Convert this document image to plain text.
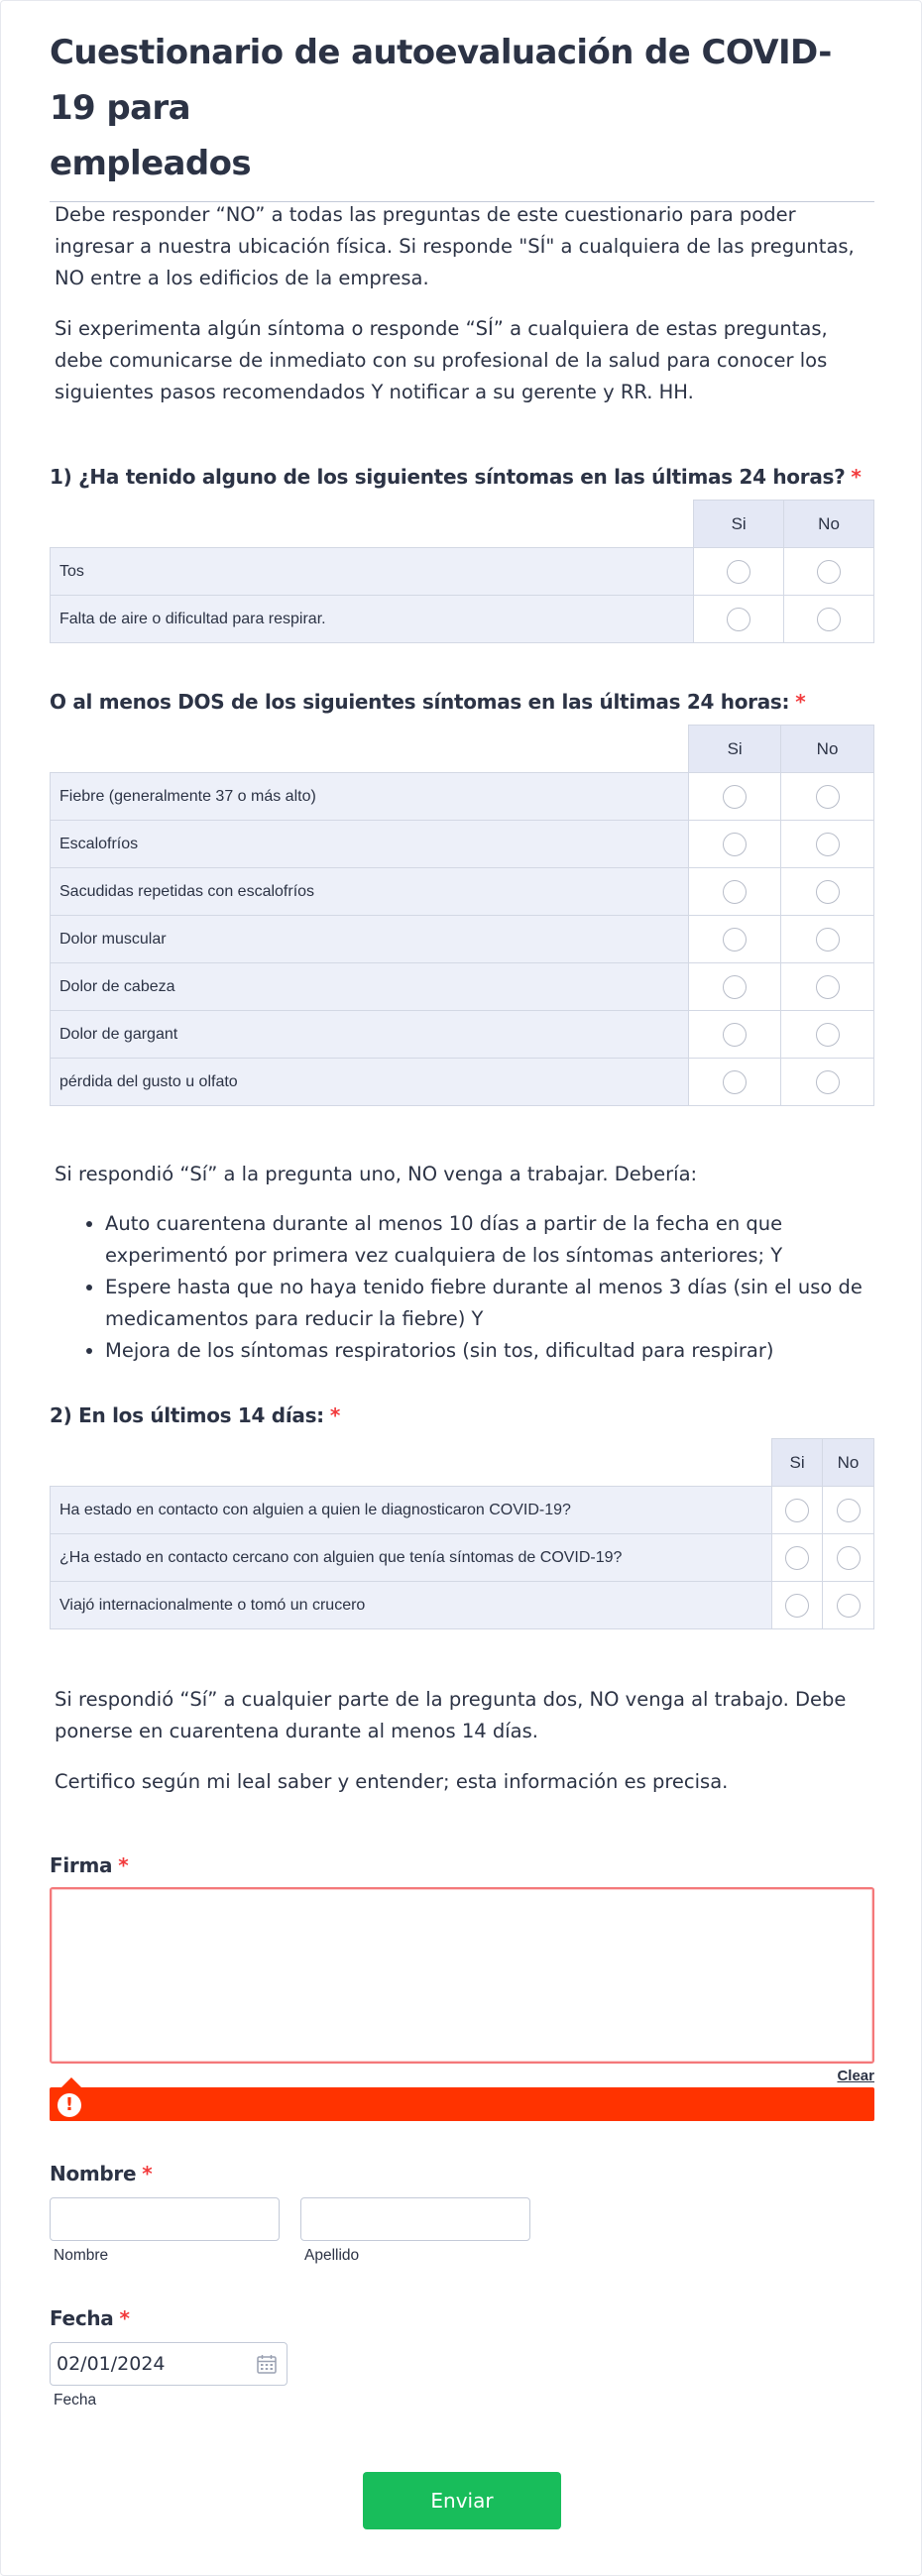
Cuestionario de autoevaluación de COVID-19 para
empleados

Debe responder “NO” a todas las preguntas de este cuestionario para poder ingresar a nuestra ubicación física. Si responde "SÍ" a cualquiera de las preguntas, NO entre a los edificios de la empresa.

Si experimenta algún síntoma o responde “SÍ” a cualquiera de estas preguntas, debe comunicarse de inmediato con su profesional de la salud para conocer los siguientes pasos recomendados Y notificar a su gerente y RR. HH.

1) ¿Ha tenido alguno de los siguientes síntomas en las últimas 24 horas? *
	Si	No
Tos		
Falta de aire o dificultad para respirar.		
O al menos DOS de los siguientes síntomas en las últimas 24 horas: *
	Si	No
Fiebre (generalmente 37 o más alto)		
Escalofríos		
Sacudidas repetidas con escalofríos		
Dolor muscular		
Dolor de cabeza		
Dolor de gargant		
pérdida del gusto u olfato		

Si respondió “Sí” a la pregunta uno, NO venga a trabajar. Debería:

• Auto cuarentena durante al menos 10 días a partir de la fecha en que experimentó por primera vez cualquiera de los síntomas anteriores; Y
• Espere hasta que no haya tenido fiebre durante al menos 3 días (sin el uso de medicamentos para reducir la fiebre) Y
• Mejora de los síntomas respiratorios (sin tos, dificultad para respirar)
2) En los últimos 14 días: *
	Si	No
Ha estado en contacto con alguien a quien le diagnosticaron COVID-19?		
¿Ha estado en contacto cercano con alguien que tenía síntomas de COVID-19?		
Viajó internacionalmente o tomó un crucero		

Si respondió “Sí” a cualquier parte de la pregunta dos, NO venga al trabajo. Debe ponerse en cuarentena durante al menos 14 días.

Certifico según mi leal saber y entender; esta información es precisa.

Firma *
Clear
!
Nombre *
Nombre	Apellido
Fecha *
02/01/2024
Fecha
Enviar
